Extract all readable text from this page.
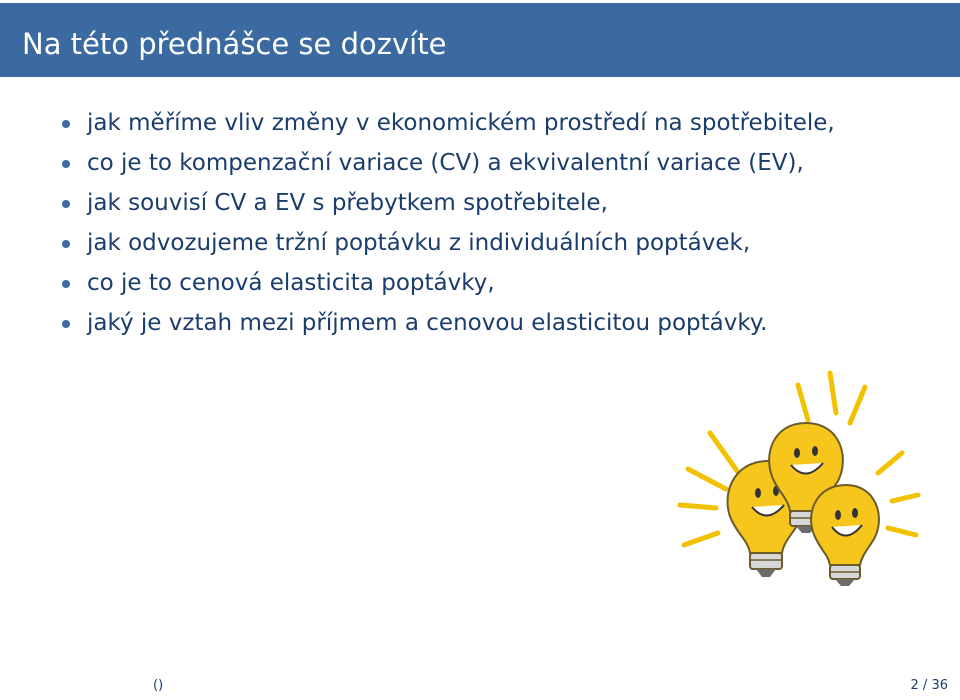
Na této přednášce se dozvíte
jak měříme vliv změny v ekonomickém prostředí na spotřebitele,
co je to kompenzační variace (CV) a ekvivalentní variace (EV),
jak souvisí CV a EV s přebytkem spotřebitele,
jak odvozujeme tržní poptávku z individuálních poptávek,
co je to cenová elasticita poptávky,
jaký je vztah mezi příjmem a cenovou elasticitou poptávky.
()	2 / 36
